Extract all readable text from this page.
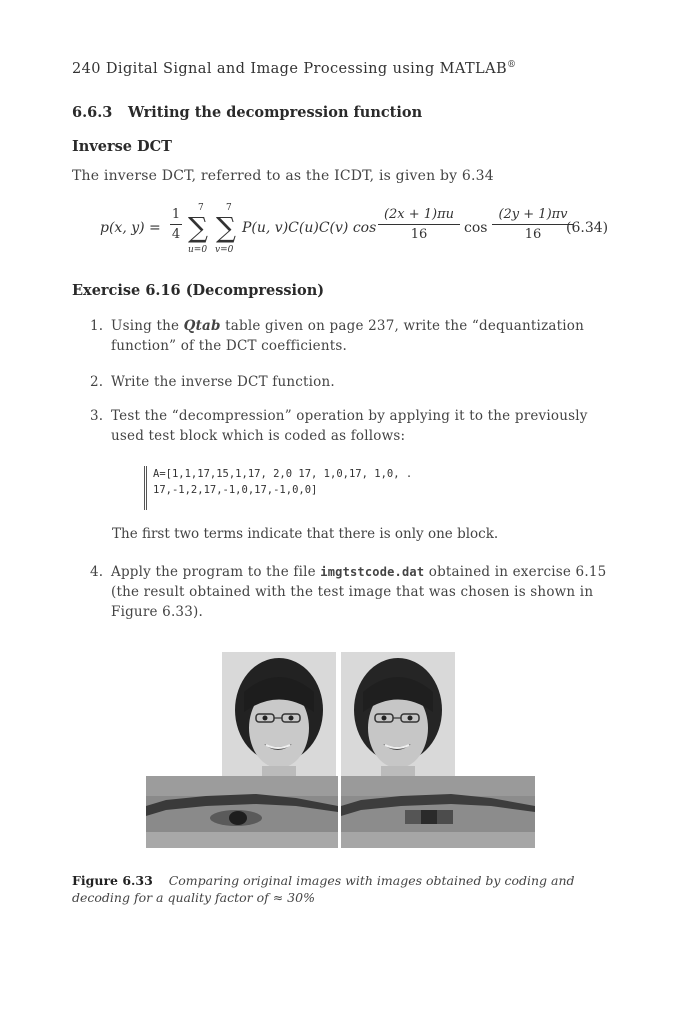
240 Digital Signal and Image Processing using MATLAB®
6.6.3 Writing the decompression function
Inverse DCT
The inverse DCT, referred to as the ICDT, is given by 6.34
p(x, y) =
1
4
7
∑
u=0
7
∑
v=0
P(u, v)C(u)C(v) cos
(2x + 1)πu
16	cos
(2y + 1)πv
16	(6.34)
Exercise 6.16 (Decompression)
1. Using the Qtab table given on page 237, write the “dequantization function” of the DCT coefficients.
2. Write the inverse DCT function.
3. Test the “decompression” operation by applying it to the previously used test block which is coded as follows:
A=[1,1,17,15,1,17, 2,0 17, 1,0,17, 1,0, .
17,-1,2,17,-1,0,17,-1,0,0]
The first two terms indicate that there is only one block.
4. Apply the program to the file imgtstcode.dat obtained in exercise 6.15 (the result obtained with the test image that was chosen is shown in Figure 6.33).
Figure 6.33 Comparing original images with images obtained by coding and decoding for a quality factor of ≈ 30%
